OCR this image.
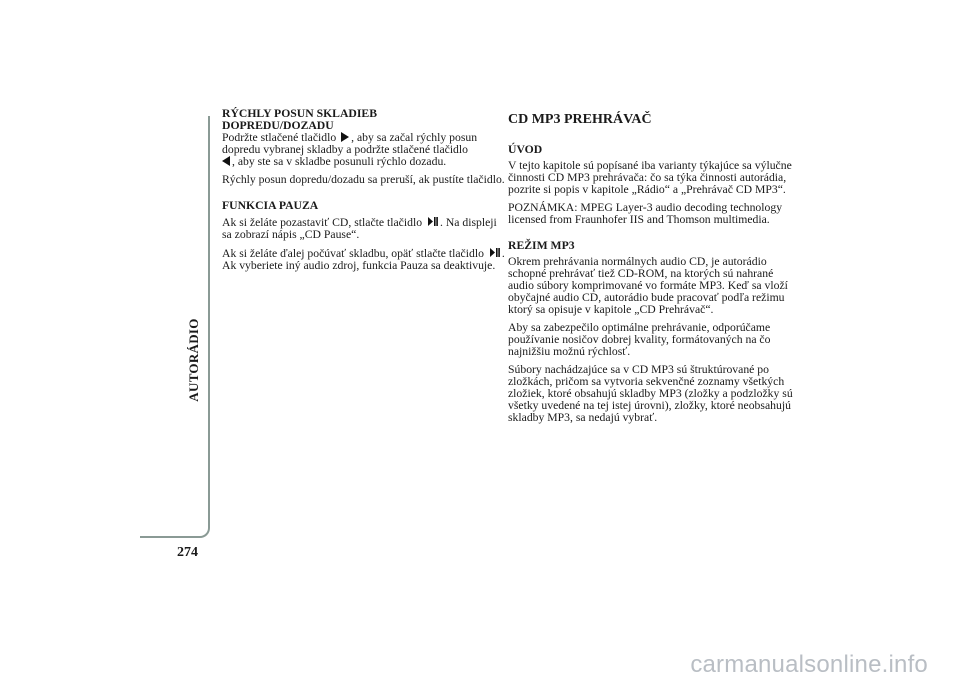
AUTORÁDIO
274
RÝCHLY POSUN SKLADIEB
DOPREDU/DOZADU

Podržte stlačené tlačidlo , aby sa začal rýchly posun dopredu vybranej skladby a podržte stlačené tlačidlo
, aby ste sa v skladbe posunuli rýchlo dozadu.

Rýchly posun dopredu/dozadu sa preruší, ak pustíte tlačidlo.

FUNKCIA PAUZA

Ak si želáte pozastaviť CD, stlačte tlačidlo . Na displeji sa zobrazí nápis „CD Pause“.

Ak si želáte ďalej počúvať skladbu, opäť stlačte tlačidlo . Ak vyberiete iný audio zdroj, funkcia Pauza sa deaktivuje.

CD MP3 PREHRÁVAČ
ÚVOD

V tejto kapitole sú popísané iba varianty týkajúce sa výlučne činnosti CD MP3 prehrávača: čo sa týka činnosti autorádia, pozrite si popis v kapitole „Rádio“ a „Prehrávač CD MP3“.

POZNÁMKA: MPEG Layer-3 audio decoding technology licensed from Fraunhofer IIS and Thomson multimedia.

REŽIM MP3

Okrem prehrávania normálnych audio CD, je autorádio schopné prehrávať tiež CD-ROM, na ktorých sú nahrané audio súbory komprimované vo formáte MP3. Keď sa vloží obyčajné audio CD, autorádio bude pracovať podľa režimu ktorý sa opisuje v kapitole „CD Prehrávač“.

Aby sa zabezpečilo optimálne prehrávanie, odporúčame používanie nosičov dobrej kvality, formátovaných na čo najnižšiu možnú rýchlosť.

Súbory nachádzajúce sa v CD MP3 sú štruktúrované po zložkách, pričom sa vytvoria sekvenčné zoznamy všetkých zložiek, ktoré obsahujú skladby MP3 (zložky a podzložky sú všetky uvedené na tej istej úrovni), zložky, ktoré neobsahujú skladby MP3, sa nedajú vybrať.

carmanualsonline.info
